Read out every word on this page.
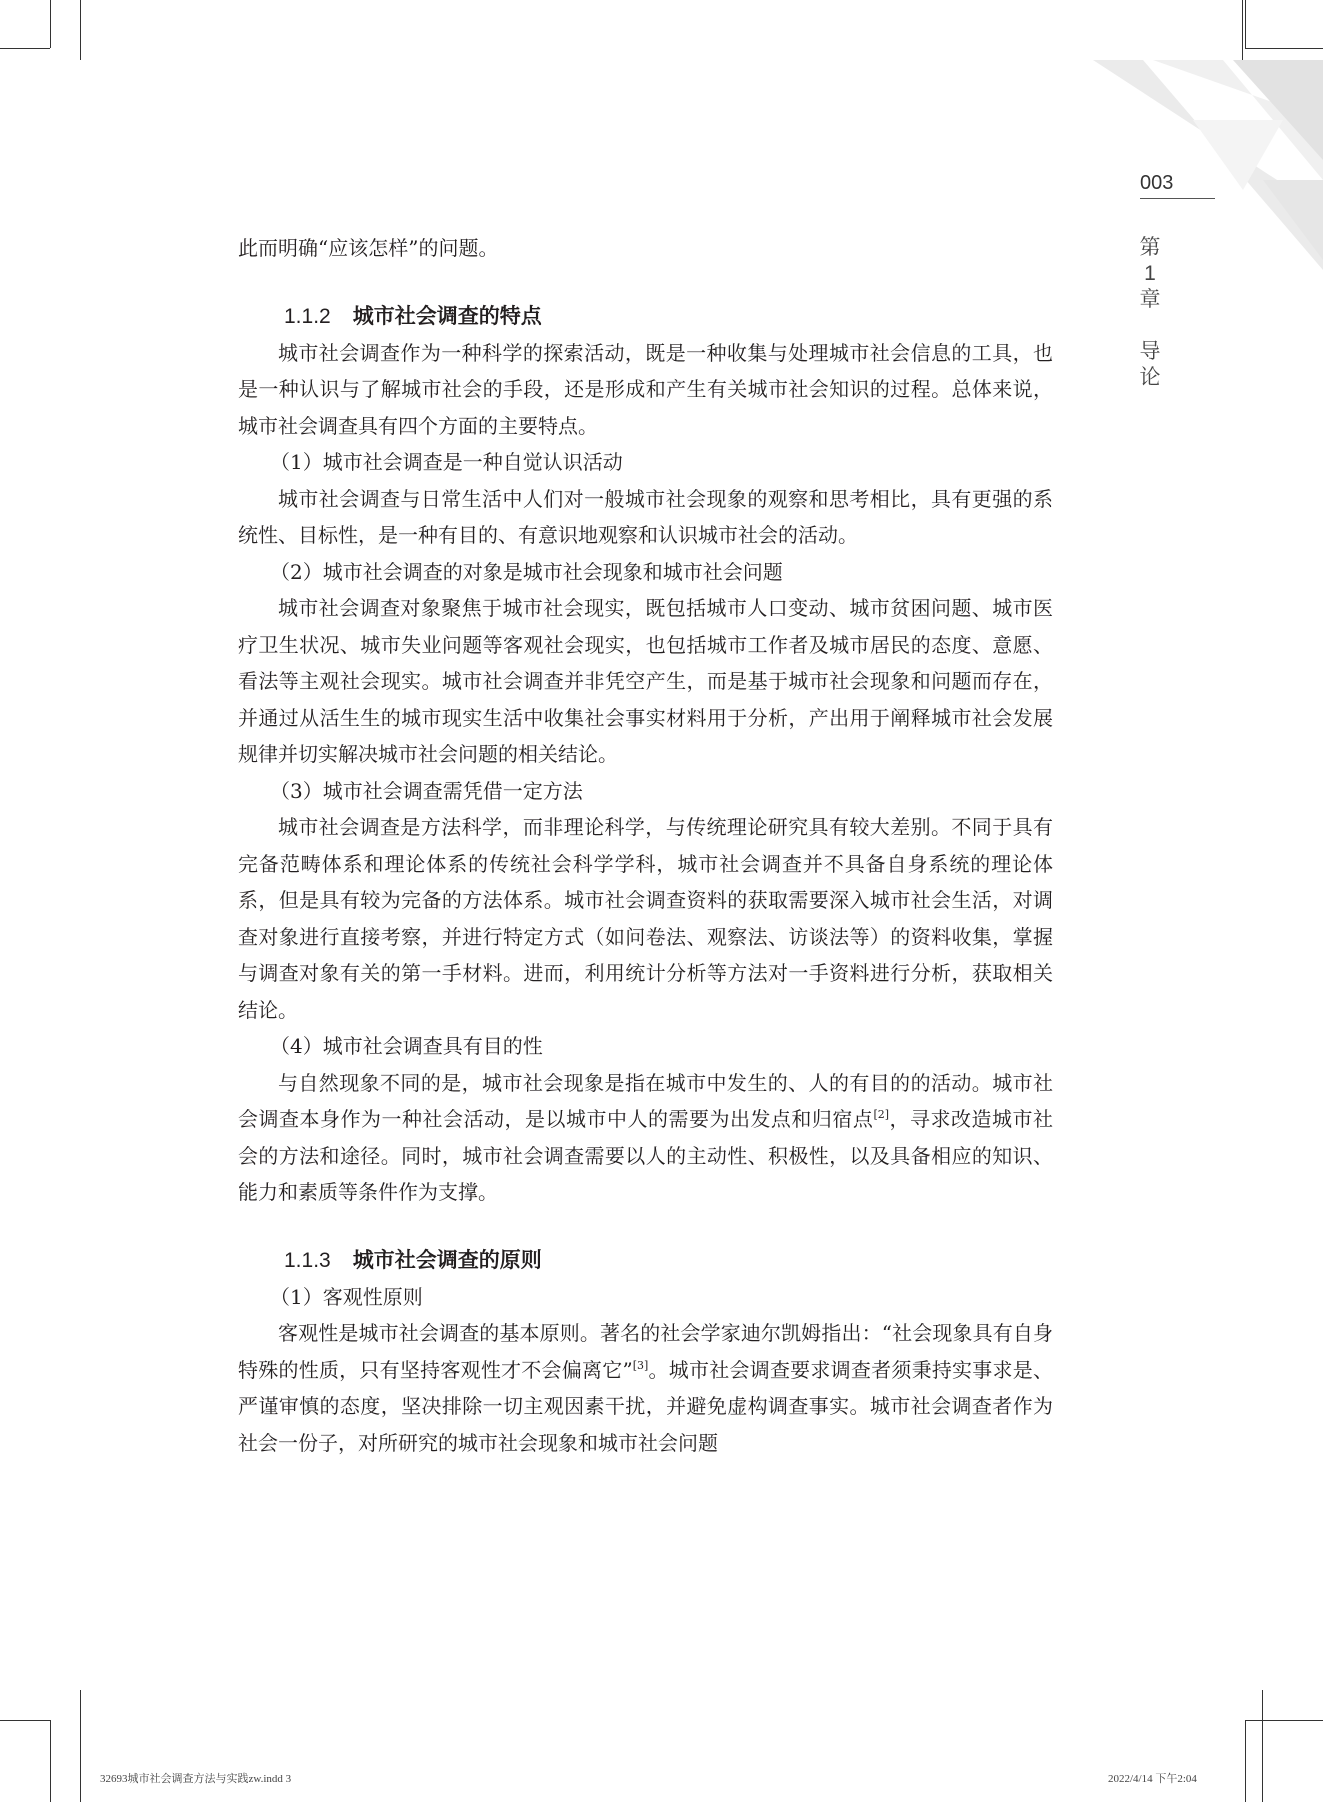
003
第
1
章

导
论

此而明确“应该怎样”的问题。

1.1.2 城市社会调查的特点

城市社会调查作为一种科学的探索活动，既是一种收集与处理城市社会信息的工具，也是一种认识与了解城市社会的手段，还是形成和产生有关城市社会知识的过程。总体来说，城市社会调查具有四个方面的主要特点。

（1）城市社会调查是一种自觉认识活动

城市社会调查与日常生活中人们对一般城市社会现象的观察和思考相比，具有更强的系统性、目标性，是一种有目的、有意识地观察和认识城市社会的活动。

（2）城市社会调查的对象是城市社会现象和城市社会问题

城市社会调查对象聚焦于城市社会现实，既包括城市人口变动、城市贫困问题、城市医疗卫生状况、城市失业问题等客观社会现实，也包括城市工作者及城市居民的态度、意愿、看法等主观社会现实。城市社会调查并非凭空产生，而是基于城市社会现象和问题而存在，并通过从活生生的城市现实生活中收集社会事实材料用于分析，产出用于阐释城市社会发展规律并切实解决城市社会问题的相关结论。

（3）城市社会调查需凭借一定方法

城市社会调查是方法科学，而非理论科学，与传统理论研究具有较大差别。不同于具有完备范畴体系和理论体系的传统社会科学学科，城市社会调查并不具备自身系统的理论体系，但是具有较为完备的方法体系。城市社会调查资料的获取需要深入城市社会生活，对调查对象进行直接考察，并进行特定方式（如问卷法、观察法、访谈法等）的资料收集，掌握与调查对象有关的第一手材料。进而，利用统计分析等方法对一手资料进行分析，获取相关结论。

（4）城市社会调查具有目的性

与自然现象不同的是，城市社会现象是指在城市中发生的、人的有目的的活动。城市社会调查本身作为一种社会活动，是以城市中人的需要为出发点和归宿点[2]，寻求改造城市社会的方法和途径。同时，城市社会调查需要以人的主动性、积极性，以及具备相应的知识、能力和素质等条件作为支撑。

1.1.3 城市社会调查的原则

（1）客观性原则

客观性是城市社会调查的基本原则。著名的社会学家迪尔凯姆指出：“社会现象具有自身特殊的性质，只有坚持客观性才不会偏离它”[3]。城市社会调查要求调查者须秉持实事求是、严谨审慎的态度，坚决排除一切主观因素干扰，并避免虚构调查事实。城市社会调查者作为社会一份子，对所研究的城市社会现象和城市社会问题

32693城市社会调查方法与实践zw.indd 3	2022/4/14 下午2:04
